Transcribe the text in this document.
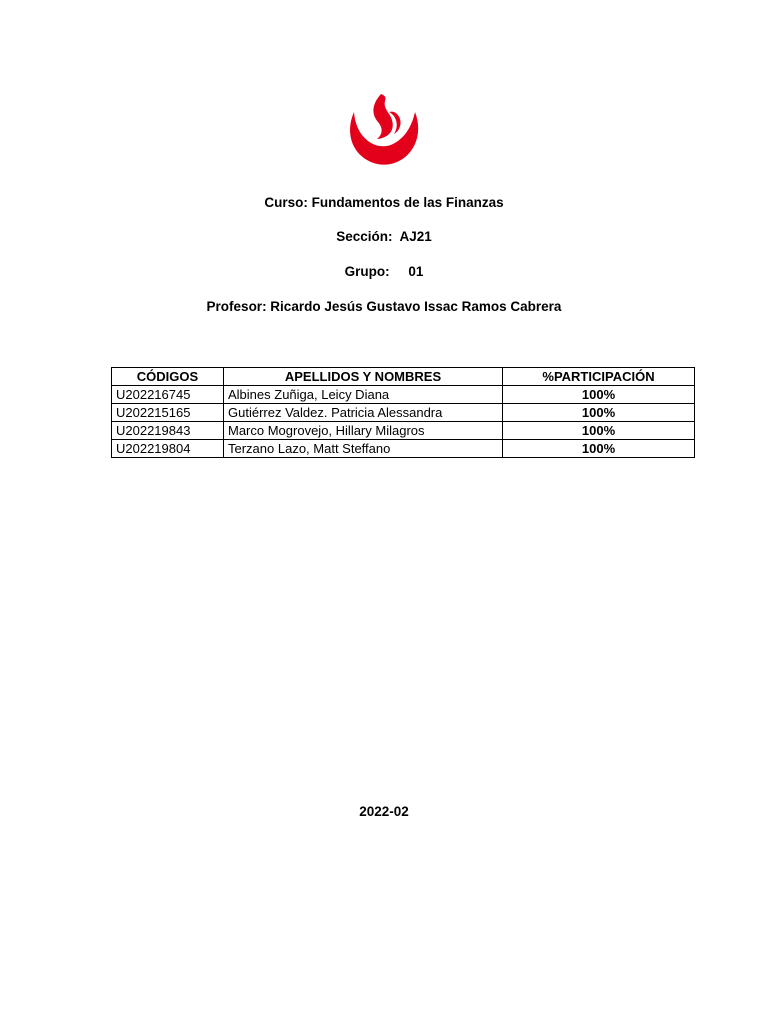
Curso: Fundamentos de las Finanzas
Sección:  AJ21
Grupo:     01
Profesor: Ricardo Jesús Gustavo Issac Ramos Cabrera
CÓDIGOS	APELLIDOS Y NOMBRES	%PARTICIPACIÓN
U202216745	Albines Zuñiga, Leicy Diana	100%
U202215165	Gutiérrez Valdez. Patricia Alessandra	100%
U202219843	Marco Mogrovejo, Hillary Milagros	100%
U202219804	Terzano Lazo, Matt Steffano	100%
2022-02
